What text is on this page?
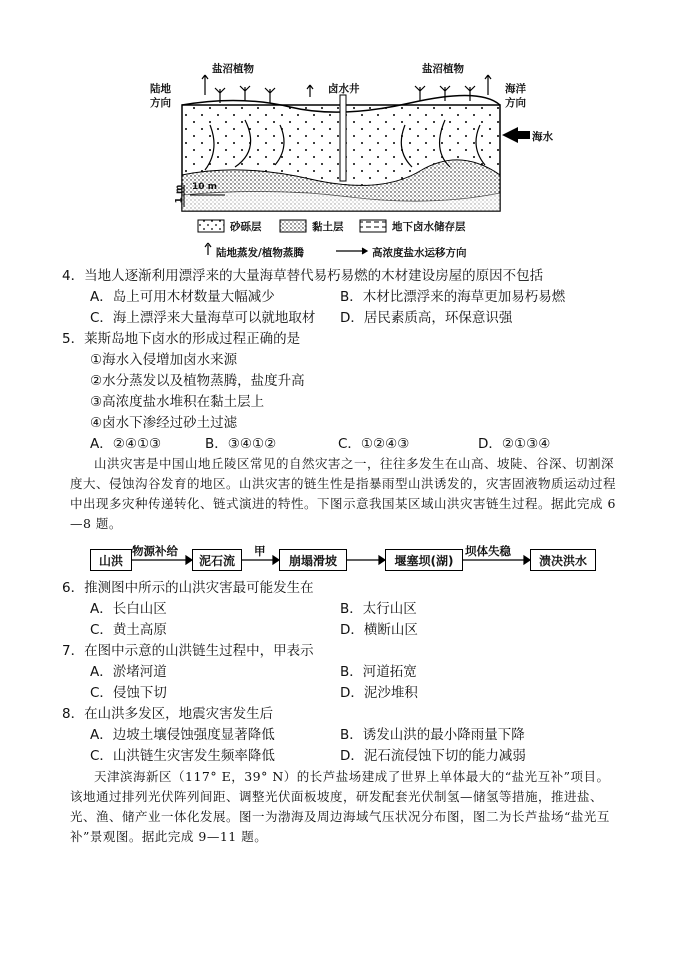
陆地
方向
盐沼植物	盐沼植物
卤水井	海洋
方向
海水
10 m
1 m
砂砾层	黏土层	地下卤水储存层
陆地蒸发/植物蒸腾	高浓度盐水运移方向
4．当地人逐渐利用漂浮来的大量海草替代易朽易燃的木材建设房屋的原因不包括
A．岛上可用木材数量大幅减少	B．木材比漂浮来的海草更加易朽易燃
C．海上漂浮来大量海草可以就地取材 D．居民素质高，环保意识强
5．莱斯岛地下卤水的形成过程正确的是
①海水入侵增加卤水来源
②水分蒸发以及植物蒸腾，盐度升高
③高浓度盐水堆积在黏土层上
④卤水下渗经过砂土过滤
A．②④①③	B．③④①②	C．①②④③	D．②①③④
山洪灾害是中国山地丘陵区常见的自然灾害之一，往往多发生在山高、坡陡、谷深、切割深度大、侵蚀沟谷发育的地区。山洪灾害的链生性是指暴雨型山洪诱发的，灾害固液物质运动过程中出现多灾种传递转化、链式演进的特性。下图示意我国某区域山洪灾害链生过程。据此完成 6—8 题。
山洪	泥石流	崩塌滑坡	堰塞坝(湖)	溃决洪水
物源补给	甲	坝体失稳
6．推测图中所示的山洪灾害最可能发生在
A．长白山区	B．太行山区
C．黄土高原	D．横断山区
7．在图中示意的山洪链生过程中，甲表示
A．淤堵河道	B．河道拓宽
C．侵蚀下切	D．泥沙堆积
8．在山洪多发区，地震灾害发生后
A．边坡土壤侵蚀强度显著降低	B．诱发山洪的最小降雨量下降
C．山洪链生灾害发生频率降低	D．泥石流侵蚀下切的能力减弱
天津滨海新区（117° E，39° N）的长芦盐场建成了世界上单体最大的“盐光互补”项目。该地通过排列光伏阵列间距、调整光伏面板坡度，研发配套光伏制氢—储氢等措施，推进盐、光、渔、储产业一体化发展。图一为渤海及周边海域气压状况分布图，图二为长芦盐场“盐光互补”景观图。据此完成 9—11 题。
